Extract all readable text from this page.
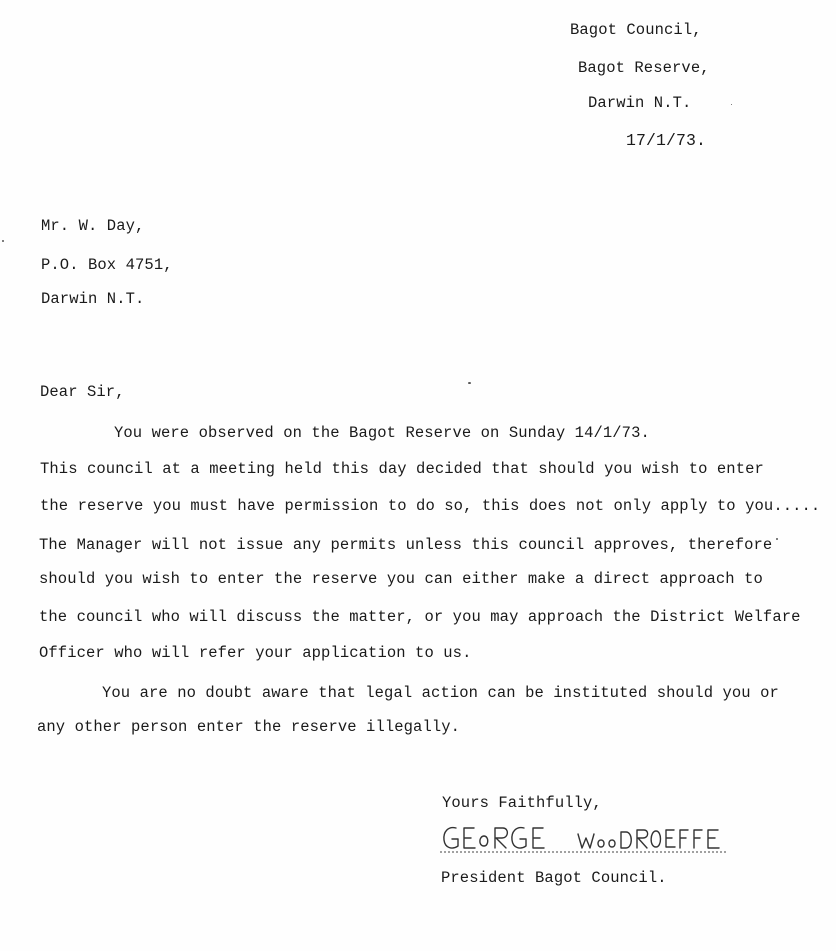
Bagot Council,
Bagot Reserve,
Darwin N.T.
17/1/73.
Mr. W. Day,
P.O. Box 4751,
Darwin N.T.
Dear Sir,
You were observed on the Bagot Reserve on Sunday 14/1/73.
This council at a meeting held this day decided that should you wish to enter
the reserve you must have permission to do so, this does not only apply to you.....
The Manager will not issue any permits unless this council approves, therefore
should you wish to enter the reserve you can either make a direct approach to
the council who will discuss the matter, or you may approach the District Welfare
Officer who will refer your application to us.
You are no doubt aware that legal action can be instituted should you or
any other person enter the reserve illegally.
Yours Faithfully,
President Bagot Council.
